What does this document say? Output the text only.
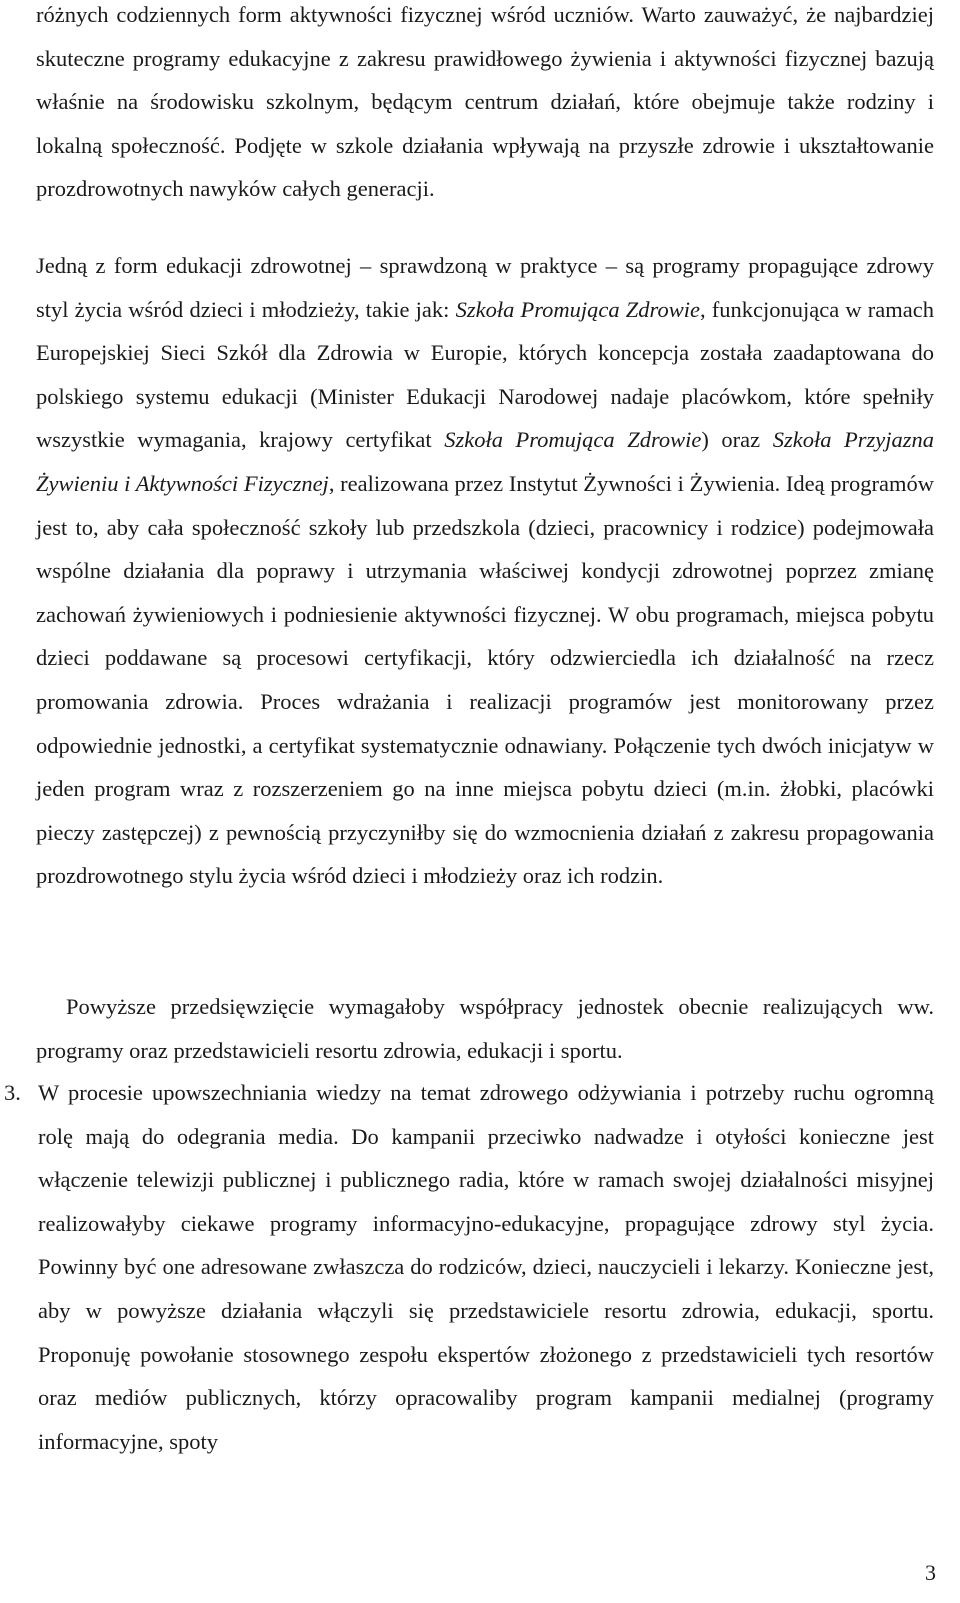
różnych codziennych form aktywności fizycznej wśród uczniów. Warto zauważyć, że najbardziej skuteczne programy edukacyjne z zakresu prawidłowego żywienia i aktywności fizycznej bazują właśnie na środowisku szkolnym, będącym centrum działań, które obejmuje także rodziny i lokalną społeczność. Podjęte w szkole działania wpływają na przyszłe zdrowie i ukształtowanie prozdrowotnych nawyków całych generacji.

Jedną z form edukacji zdrowotnej – sprawdzoną w praktyce – są programy propagujące zdrowy styl życia wśród dzieci i młodzieży, takie jak: Szkoła Promująca Zdrowie, funkcjonująca w ramach Europejskiej Sieci Szkół dla Zdrowia w Europie, których koncepcja została zaadaptowana do polskiego systemu edukacji (Minister Edukacji Narodowej nadaje placówkom, które spełniły wszystkie wymagania, krajowy certyfikat Szkoła Promująca Zdrowie) oraz Szkoła Przyjazna Żywieniu i Aktywności Fizycznej, realizowana przez Instytut Żywności i Żywienia. Ideą programów jest to, aby cała społeczność szkoły lub przedszkola (dzieci, pracownicy i rodzice) podejmowała wspólne działania dla poprawy i utrzymania właściwej kondycji zdrowotnej poprzez zmianę zachowań żywieniowych i podniesienie aktywności fizycznej. W obu programach, miejsca pobytu dzieci poddawane są procesowi certyfikacji, który odzwierciedla ich działalność na rzecz promowania zdrowia. Proces wdrażania i realizacji programów jest monitorowany przez odpowiednie jednostki, a certyfikat systematycznie odnawiany. Połączenie tych dwóch inicjatyw w jeden program wraz z rozszerzeniem go na inne miejsca pobytu dzieci (m.in. żłobki, placówki pieczy zastępczej) z pewnością przyczyniłby się do wzmocnienia działań z zakresu propagowania prozdrowotnego stylu życia wśród dzieci i młodzieży oraz ich rodzin.

Powyższe przedsięwzięcie wymagałoby współpracy jednostek obecnie realizujących ww. programy oraz przedstawicieli resortu zdrowia, edukacji i sportu.

3. W procesie upowszechniania wiedzy na temat zdrowego odżywiania i potrzeby ruchu ogromną rolę mają do odegrania media. Do kampanii przeciwko nadwadze i otyłości konieczne jest włączenie telewizji publicznej i publicznego radia, które w ramach swojej działalności misyjnej realizowałyby ciekawe programy informacyjno-edukacyjne, propagujące zdrowy styl życia. Powinny być one adresowane zwłaszcza do rodziców, dzieci, nauczycieli i lekarzy. Konieczne jest, aby w powyższe działania włączyli się przedstawiciele resortu zdrowia, edukacji, sportu. Proponuję powołanie stosownego zespołu ekspertów złożonego z przedstawicieli tych resortów oraz mediów publicznych, którzy opracowaliby program kampanii medialnej (programy informacyjne, spoty

3
